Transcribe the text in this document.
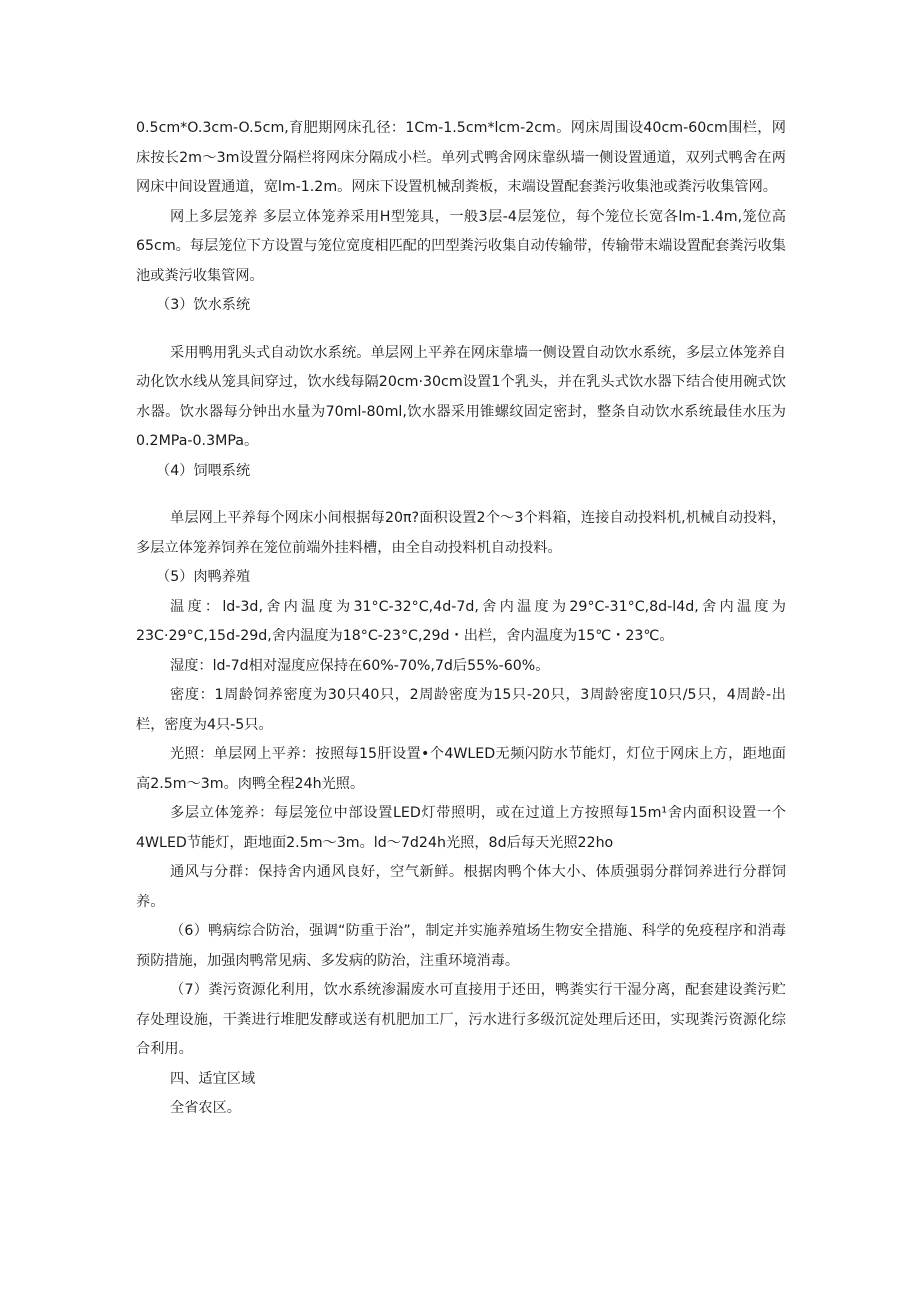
0.5cm*O.3cm-O.5cm,育肥期网床孔径：1Cm-1.5cm*lcm-2cm。网床周围设40cm-60cm围栏，网床按长2m～3m设置分隔栏将网床分隔成小栏。单列式鸭舍网床靠纵墙一侧设置通道，双列式鸭舍在两网床中间设置通道，宽lm-1.2m。网床下设置机械刮粪板，末端设置配套粪污收集池或粪污收集管网。

网上多层笼养 多层立体笼养采用H型笼具，一般3层-4层笼位，每个笼位长宽各lm-1.4m,笼位高65cm。每层笼位下方设置与笼位宽度相匹配的凹型粪污收集自动传输带，传输带末端设置配套粪污收集池或粪污收集管网。

（3）饮水系统

采用鸭用乳头式自动饮水系统。单层网上平养在网床靠墙一侧设置自动饮水系统，多层立体笼养自动化饮水线从笼具间穿过，饮水线每隔20cm·30cm设置1个乳头，并在乳头式饮水器下结合使用碗式饮水器。饮水器每分钟出水量为70ml-80ml,饮水器采用锥螺纹固定密封，整条自动饮水系统最佳水压为0.2MPa-0.3MPa。

（4）饲喂系统

单层网上平养每个网床小间根据每20π?面积设置2个～3个料箱，连接自动投料机,机械自动投料，多层立体笼养饲养在笼位前端外挂料槽，由全自动投料机自动投料。

（5）肉鸭养殖

温度：ld-3d,舍内温度为31°C-32°C,4d-7d,舍内温度为29°C-31°C,8d-l4d,舍内温度为23C·29°C,15d-29d,舍内温度为18°C-23°C,29d・出栏，舍内温度为15℃・23℃。

湿度：ld-7d相对湿度应保持在60%-70%,7d后55%-60%。

密度：1周龄饲养密度为30只40只，2周龄密度为15只-20只，3周龄密度10只/5只，4周龄-出栏，密度为4只-5只。

光照：单层网上平养：按照每15肝设置•个4WLED无频闪防水节能灯，灯位于网床上方，距地面高2.5m～3m。肉鸭全程24h光照。

多层立体笼养：每层笼位中部设置LED灯带照明，或在过道上方按照每15m¹舍内面积设置一个4WLED节能灯，距地面2.5m～3m。ld～7d24h光照，8d后每天光照22ho

通风与分群：保持舍内通风良好，空气新鲜。根据肉鸭个体大小、体质强弱分群饲养进行分群饲养。

（6）鸭病综合防治，强调“防重于治”，制定并实施养殖场生物安全措施、科学的免疫程序和消毒预防措施，加强肉鸭常见病、多发病的防治，注重环境消毒。

（7）粪污资源化利用，饮水系统渗漏废水可直接用于还田，鸭粪实行干湿分离，配套建设粪污贮存处理设施，干粪进行堆肥发酵或送有机肥加工厂，污水进行多级沉淀处理后还田，实现粪污资源化综合利用。

四、适宜区域

全省农区。
